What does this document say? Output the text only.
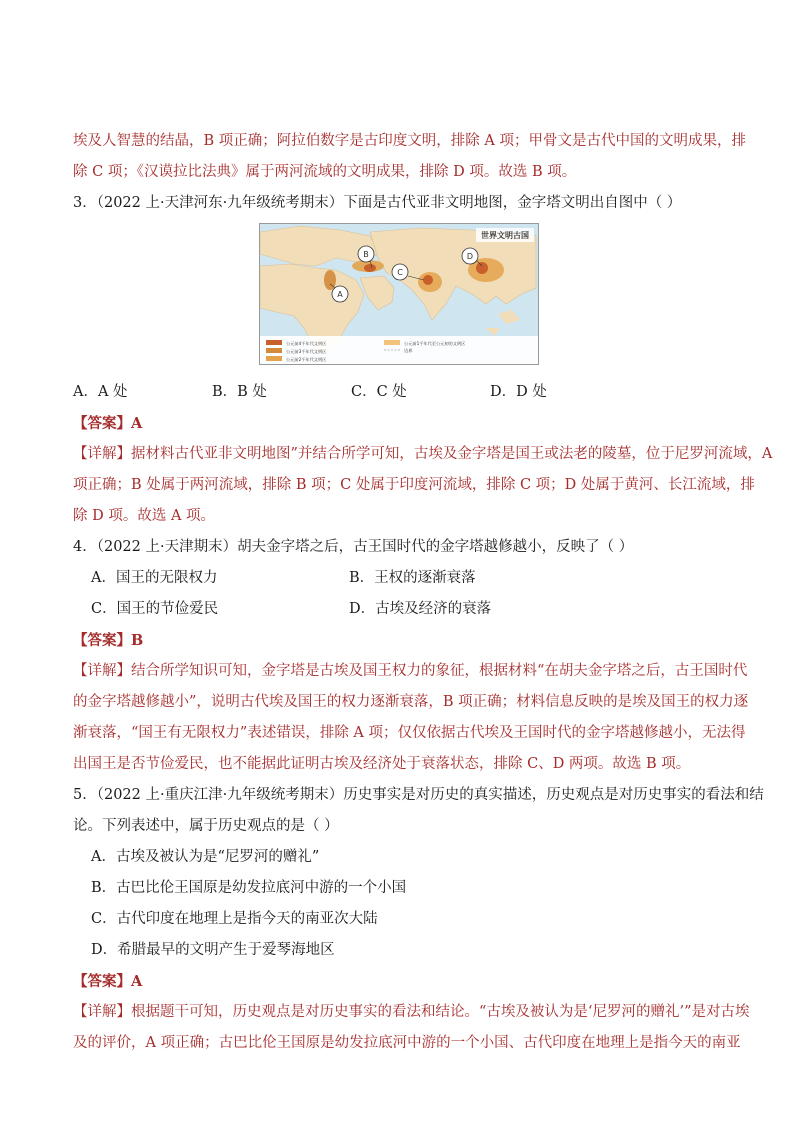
埃及人智慧的结晶，B 项正确；阿拉伯数字是古印度文明，排除 A 项；甲骨文是古代中国的文明成果，排
除 C 项；《汉谟拉比法典》属于两河流域的文明成果，排除 D 项。故选 B 项。
3．（2022 上·天津河东·九年级统考期末）下面是古代亚非文明地图，金字塔文明出自图中（ ）
世界文明古国
A
B
C
D
公元前4千年代文明区
公元前3千年代文明区
公元前2千年代文明区
公元前1千年代至公元初的文明区
边界
A．A 处	B．B 处	C．C 处	D．D 处
【答案】A
【详解】据材料古代亚非文明地图”并结合所学可知，古埃及金字塔是国王或法老的陵墓，位于尼罗河流域，A
项正确；B 处属于两河流域，排除 B 项；C 处属于印度河流域，排除 C 项；D 处属于黄河、长江流域，排
除 D 项。故选 A 项。
4．（2022 上·天津期末）胡夫金字塔之后，古王国时代的金字塔越修越小，反映了（ ）
A．国王的无限权力	B．王权的逐渐衰落
C．国王的节俭爱民	D．古埃及经济的衰落
【答案】B
【详解】结合所学知识可知，金字塔是古埃及国王权力的象征，根据材料“在胡夫金字塔之后，古王国时代
的金字塔越修越小”，说明古代埃及国王的权力逐渐衰落，B 项正确；材料信息反映的是埃及国王的权力逐
渐衰落，“国王有无限权力”表述错误，排除 A 项；仅仅依据古代埃及王国时代的金字塔越修越小，无法得
出国王是否节俭爱民，也不能据此证明古埃及经济处于衰落状态，排除 C、D 两项。故选 B 项。
5．（2022 上·重庆江津·九年级统考期末）历史事实是对历史的真实描述，历史观点是对历史事实的看法和结
论。下列表述中，属于历史观点的是（ ）
A．古埃及被认为是“尼罗河的赠礼”
B．古巴比伦王国原是幼发拉底河中游的一个小国
C．古代印度在地理上是指今天的南亚次大陆
D．希腊最早的文明产生于爱琴海地区
【答案】A
【详解】根据题干可知，历史观点是对历史事实的看法和结论。“古埃及被认为是‘尼罗河的赠礼’”是对古埃
及的评价，A 项正确；古巴比伦王国原是幼发拉底河中游的一个小国、古代印度在地理上是指今天的南亚
